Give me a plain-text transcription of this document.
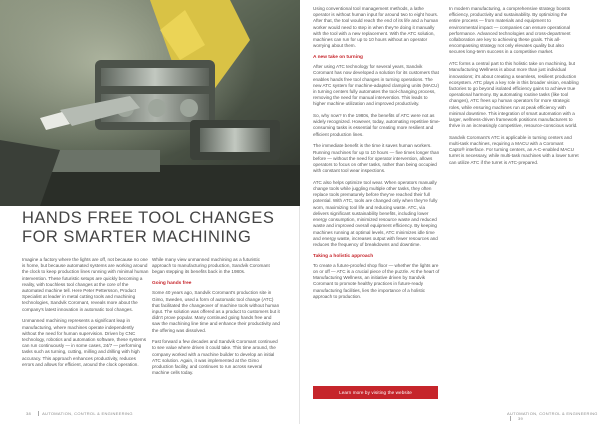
HANDS FREE TOOL CHANGES FOR SMARTER MACHINING

Imagine a factory where the lights are off, not because no one is home, but because automated systems are working around the clock to keep production lines running with minimal human intervention. These futuristic setups are quickly becoming a reality, with touchless tool changes at the core of the automated machine tell. Here Peter Pettersson, Product Specialist at leader in metal cutting tools and machining technologies, Sandvik Coromant, reveals more about the company's latest innovation in automatic tool changes.

Unmanned machining represents a significant leap in manufacturing, where machines operate independently without the need for human supervision. Driven by CNC technology, robotics and automation software, these systems can run continuously — in some cases, 24/7 — performing tasks such as turning, cutting, milling and drilling with high accuracy. This approach enhances productivity, reduces errors and allows for efficient, around the clock operation.

While many view unmanned machining as a futuristic approach to manufacturing production, Sandvik Coromant began stepping its benefits back in the 1980s.

Going hands free

Some 40 years ago, Sandvik Coromant's production site in Gimo, Sweden, used a form of automatic tool change (ATC) that facilitated the changeover of machine tools without human input. The solution was offered as a product to customers but it didn't prove popular. Many continued going hands free and saw the machining line time and enhance their productivity and the offering was dissolved.

Fast forward a few decades and Sandvik Coromant continued to see value where driven it could take. This time around, the company worked with a machine builder to develop an initial ATC solution. Again, it was implemented at the Gimo production facility, and continues to run across several machine cells today.

38	AUTOMATION, CONTROL & ENGINEERING

Using conventional tool management methods, a lathe operator is without human input for around two to eight hours. After that, the tool would reach the end of its life and a human worker would need to step in when they're doing it manually with the tool with a new replacement. With the ATC solution, machines can run for up to 10 hours without an operator worrying about them.

A new take on turning

After using ATC technology for several years, Sandvik Coromant has now developed a solution for its customers that enables hands free tool changes in turning operations. The new ATC system for machine-adapted clamping units (MACU) in turning centers fully automates the tool-changing process, removing the need for manual intervention. This leads to higher machine utilization and improved productivity.

So, why now? In the 1980s, the benefits of ATC were not as widely recognized. However, today, automating repetitive time-consuming tasks is essential for creating more resilient and efficient production lines.

The immediate benefit is the time it saves human workers. Running machines for up to 10 hours — five times longer than before — without the need for operator intervention, allows operators to focus on other tasks, rather than being occupied with constant tool wear inspections.

ATC also helps optimize tool wear. When operators manually change tools while juggling multiple other tasks, they often replace tools prematurely before they've reached their full potential. With ATC, tools are changed only when they're fully worn, maximizing tool life and reducing waste. ATC, via delivers significant sustainability benefits, including lower energy consumption, minimized resource waste and reduced waste and improved overall equipment efficiency. By keeping machines running at optimal levels, ATC minimizes idle time and energy waste, increases output with fewer resources and reduces the frequency of breakdowns and downtime.

Taking a holistic approach

To create a future-proofed shop floor — whether the lights are on or off — ATC is a crucial piece of the puzzle. At the heart of Manufacturing Wellness, an initiative driven by Sandvik Coromant to promote healthy practices in future-ready manufacturing facilities, lies the importance of a holistic approach to production.

In modern manufacturing, a comprehensive strategy boosts efficiency, productivity and sustainability. By optimizing the entire process — from materials and equipment to environmental impact — companies can ensure operational performance. Advanced technologies and cross-department collaboration are key to achieving these goals. This all-encompassing strategy not only elevates quality but also secures long-term success in a competitive market.

ATC forms a central part to this holistic take on machining, but Manufacturing Wellness is about more than just individual innovations; it's about creating a seamless, resilient production ecosystem. ATC plays a key role in this broader vision, enabling factories to go beyond isolated efficiency gains to achieve true operational harmony. By automating routine tasks (like tool changes), ATC frees up human operators for more strategic roles, while ensuring machines run at peak efficiency with minimal downtime. This integration of smart automation with a larger, wellness-driven framework positions manufacturers to thrive in an increasingly competitive, resource-conscious world.

Sandvik Coromant's ATC is applicable in turning centers and multi-task machines, requiring a MACU with a Coromant Capto® interface. For turning centers, an A-C-enabled MACU turret is necessary, while multi-task machines with a lower turret can utilize ATC if the turret is ATC-prepared.

Learn more by visiting the website
AUTOMATION, CONTROL & ENGINEERING39
